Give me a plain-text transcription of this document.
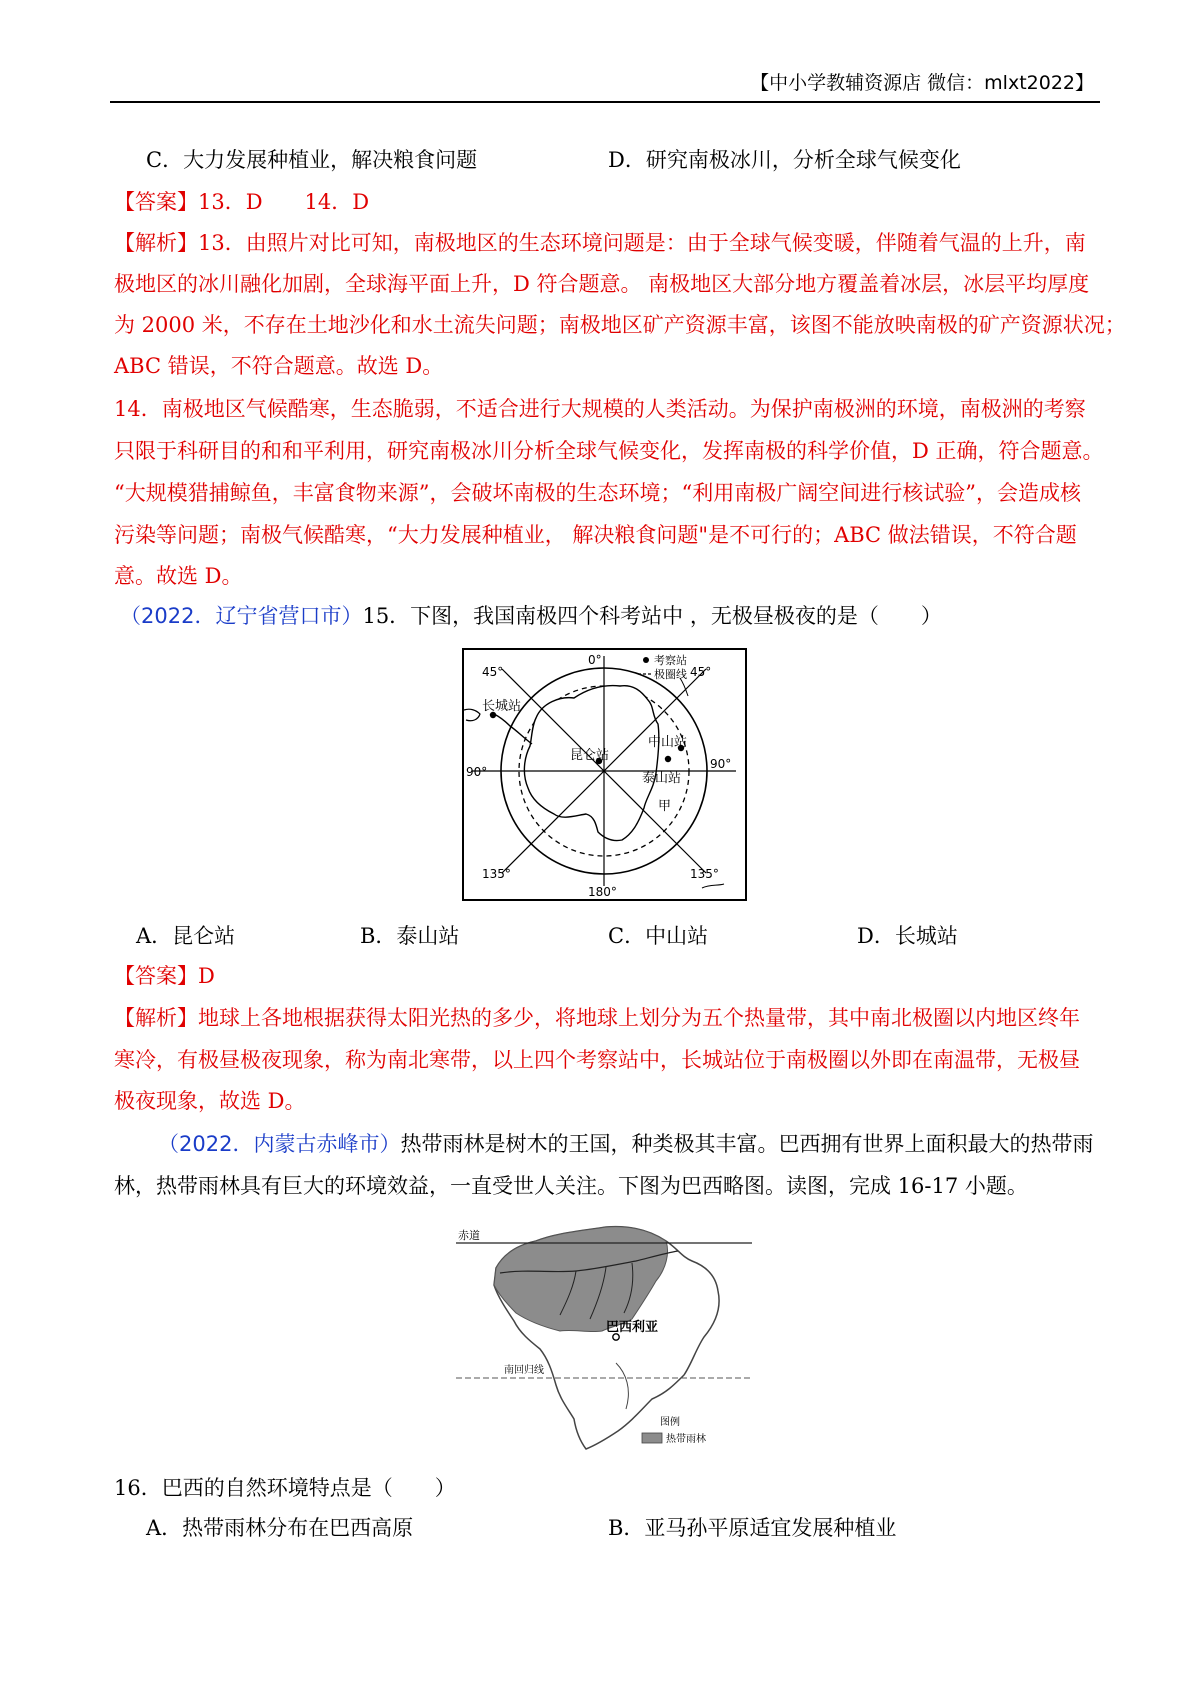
【中小学教辅资源店 微信：mlxt2022】
C．大力发展种植业，解决粮食问题	D．研究南极冰川，分析全球气候变化
【答案】13．D　　14．D
【解析】13．由照片对比可知，南极地区的生态环境问题是：由于全球气候变暖，伴随着气温的上升，南
极地区的冰川融化加剧，全球海平面上升，D 符合题意。 南极地区大部分地方覆盖着冰层，冰层平均厚度
为 2000 米，不存在土地沙化和水土流失问题；南极地区矿产资源丰富，该图不能放映南极的矿产资源状况；
ABC 错误，不符合题意。故选 D。
14．南极地区气候酷寒，生态脆弱，不适合进行大规模的人类活动。为保护南极洲的环境，南极洲的考察
只限于科研目的和和平利用，研究南极冰川分析全球气候变化，发挥南极的科学价值，D 正确，符合题意。
“大规模猎捕鲸鱼，丰富食物来源”，会破坏南极的生态环境；“利用南极广阔空间进行核试验”，会造成核
污染等问题；南极气候酷寒，“大力发展种植业， 解决粮食问题"是不可行的；ABC 做法错误，不符合题
意。故选 D。
（2022．辽宁省营口市）15．下图，我国南极四个科考站中 ，无极昼极夜的是（　　）
考察站
极圈线
0°
45°	45°
90°
90°
135°	135°
180°
长城站
昆仑站
中山站
泰山站
甲
A．昆仑站	B．泰山站	C．中山站	D．长城站
【答案】D
【解析】地球上各地根据获得太阳光热的多少，将地球上划分为五个热量带，其中南北极圈以内地区终年
寒冷，有极昼极夜现象，称为南北寒带，以上四个考察站中，长城站位于南极圈以外即在南温带，无极昼
极夜现象，故选 D。
（2022．内蒙古赤峰市）热带雨林是树木的王国，种类极其丰富。巴西拥有世界上面积最大的热带雨
林，热带雨林具有巨大的环境效益，一直受世人关注。下图为巴西略图。读图，完成 16-17 小题。
巴西利亚
赤道
南回归线
图例
热带雨林
16．巴西的自然环境特点是（　　）
A．热带雨林分布在巴西高原	B．亚马孙平原适宜发展种植业
